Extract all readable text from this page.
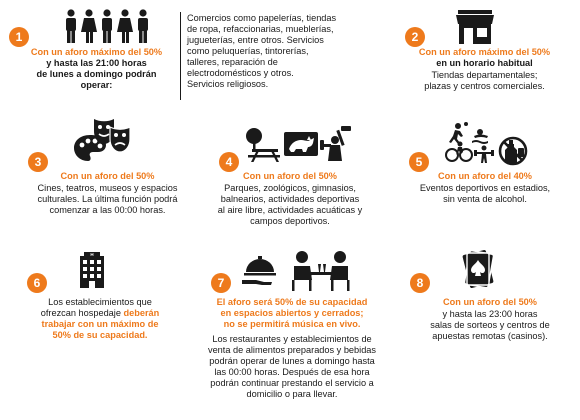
1
Con un aforo máximo del 50%
y hasta las 21:00 horas
de lunes a domingo podrán
operar:
Comercios como papelerías, tiendas
de ropa, refaccionarias, mueblerías,
jugueterías, entre otros. Servicios
como peluquerías, tintorerías,
talleres, reparación de
electrodomésticos y otros.
Servicios religiosos.
2
Con un aforo máximo del 50%
en un horario habitual
Tiendas departamentales;
plazas y centros comerciales.
3
Con un aforo del 50%
Cines, teatros, museos y espacios
culturales. La última función podrá
comenzar a las 00:00 horas.
4
Con un aforo del 50%
Parques, zoológicos, gimnasios,
balnearios, actividades deportivas
al aire libre, actividades acuáticas y
campos deportivos.
5
Con un aforo del 40%
Eventos deportivos en estadios,
sin venta de alcohol.
6
H
Los establecimientos que
ofrezcan hospedaje deberán
trabajar con un máximo de
50% de su capacidad.
7
El aforo será 50% de su capacidad
en espacios abiertos y cerrados;
no se permitirá música en vivo.
Los restaurantes y establecimientos de
venta de alimentos preparados y bebidas
podrán operar de lunes a domingo hasta
las 00:00 horas. Después de esa hora
podrán continuar prestando el servicio a
domicilio o para llevar.
8
Con un aforo del 50%
y hasta las 23:00 horas
salas de sorteos y centros de
apuestas remotas (casinos).
